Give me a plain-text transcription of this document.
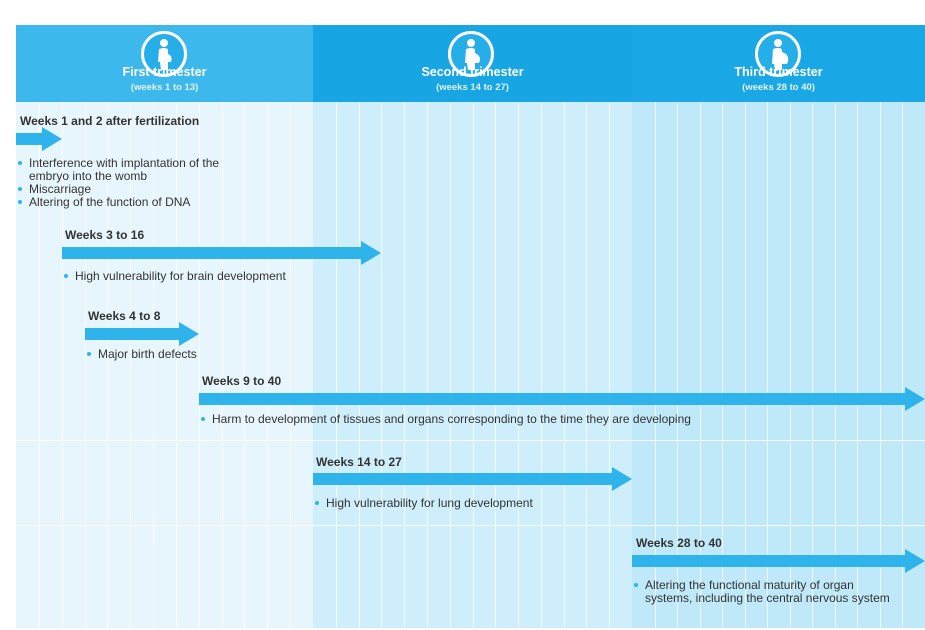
First trimester
(weeks 1 to 13)
Second trimester
(weeks 14 to 27)
Third trimester
(weeks 28 to 40)
Weeks 1 and 2 after fertilization
Interference with implantation of the embryo into the womb
Miscarriage
Altering of the function of DNA
Weeks 3 to 16
High vulnerability for brain development
Weeks 4 to 8
Major birth defects
Weeks 9 to 40
Harm to development of tissues and organs corresponding to the time they are developing
Weeks 14 to 27
High vulnerability for lung development
Weeks 28 to 40
Altering the functional maturity of organ systems, including the central nervous system
